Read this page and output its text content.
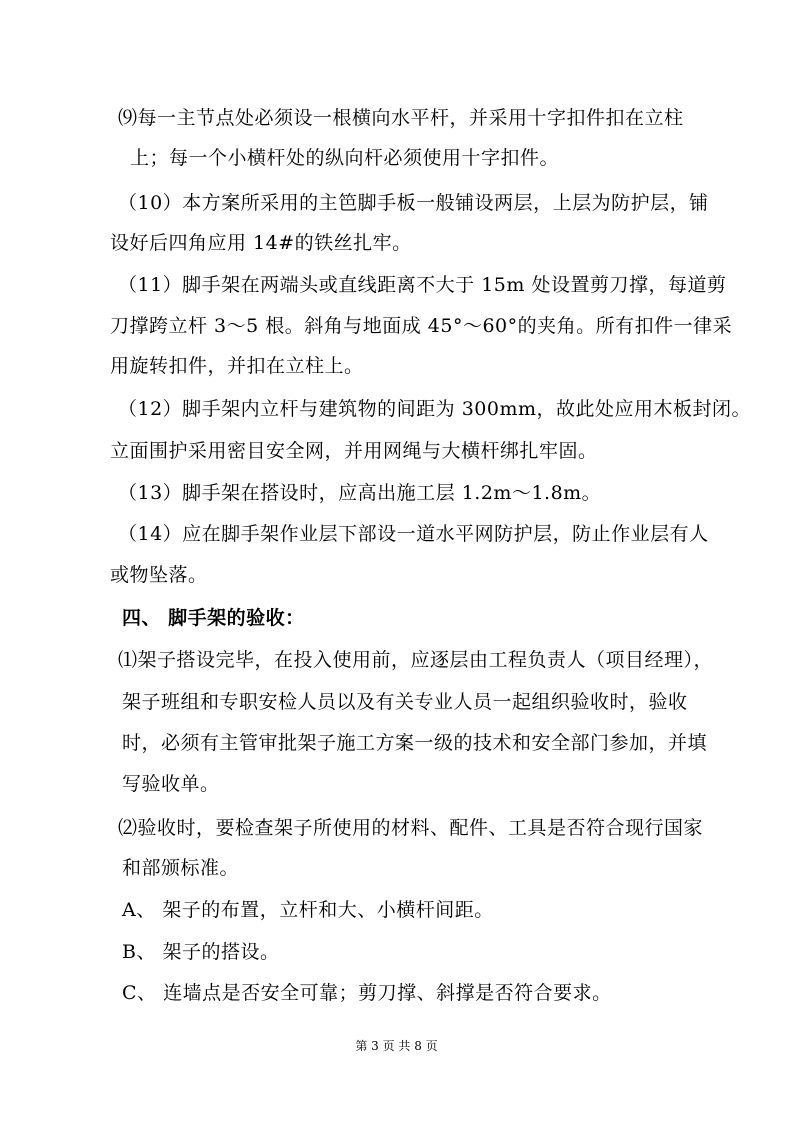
⑼每一主节点处必须设一根横向水平杆，并采用十字扣件扣在立柱
上；每一个小横杆处的纵向杆必须使用十字扣件。
（10）本方案所采用的主笆脚手板一般铺设两层，上层为防护层，铺
设好后四角应用 14#的铁丝扎牢。
（11）脚手架在两端头或直线距离不大于 15m 处设置剪刀撑，每道剪
刀撑跨立杆 3～5 根。斜角与地面成 45°～60°的夹角。所有扣件一律采
用旋转扣件，并扣在立柱上。
（12）脚手架内立杆与建筑物的间距为 300mm，故此处应用木板封闭。
立面围护采用密目安全网，并用网绳与大横杆绑扎牢固。
（13）脚手架在搭设时，应高出施工层 1.2m～1.8m。
（14）应在脚手架作业层下部设一道水平网防护层，防止作业层有人
或物坠落。
四、 脚手架的验收：
⑴架子搭设完毕，在投入使用前，应逐层由工程负责人（项目经理），
架子班组和专职安检人员以及有关专业人员一起组织验收时，验收
时，必须有主管审批架子施工方案一级的技术和安全部门参加，并填
写验收单。
⑵验收时，要检查架子所使用的材料、配件、工具是否符合现行国家
和部颁标准。
A、 架子的布置，立杆和大、小横杆间距。
B、 架子的搭设。
C、 连墙点是否安全可靠；剪刀撑、斜撑是否符合要求。
第 3 页 共 8 页
